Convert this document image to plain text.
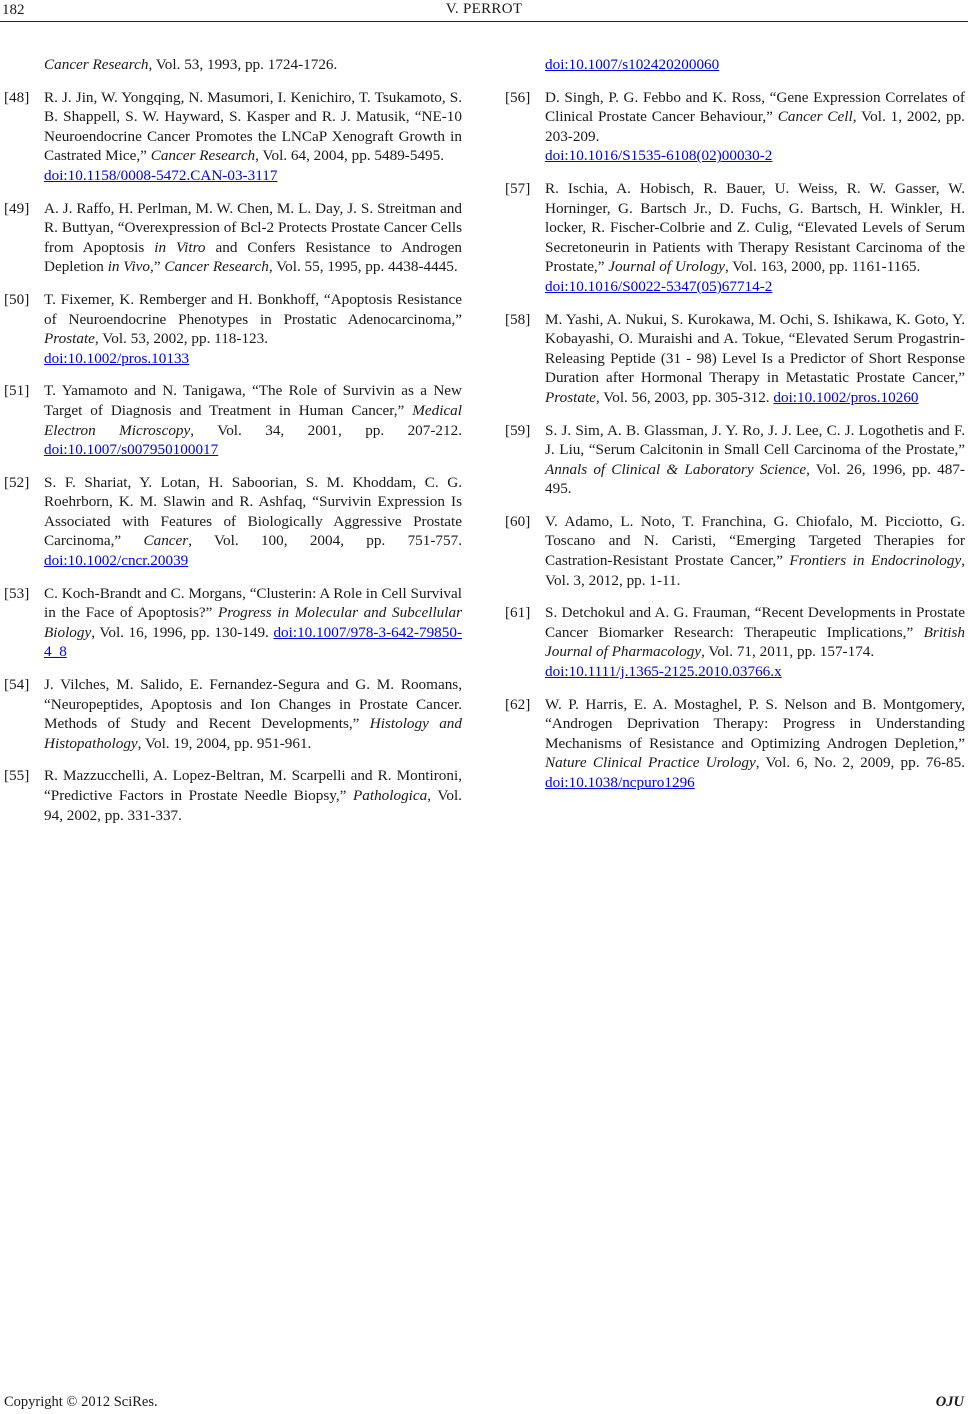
182	V. PERROT
Cancer Research, Vol. 53, 1993, pp. 1724-1726.
[48] R. J. Jin, W. Yongqing, N. Masumori, I. Kenichiro, T. Tsukamoto, S. B. Shappell, S. W. Hayward, S. Kasper and R. J. Matusik, “NE-10 Neuroendocrine Cancer Promotes the LNCaP Xenograft Growth in Castrated Mice,” Cancer Research, Vol. 64, 2004, pp. 5489-5495.
doi:10.1158/0008-5472.CAN-03-3117
[49] A. J. Raffo, H. Perlman, M. W. Chen, M. L. Day, J. S. Streitman and R. Buttyan, “Overexpression of Bcl-2 Protects Prostate Cancer Cells from Apoptosis in Vitro and Confers Resistance to Androgen Depletion in Vivo,” Cancer Research, Vol. 55, 1995, pp. 4438-4445.
[50] T. Fixemer, K. Remberger and H. Bonkhoff, “Apoptosis Resistance of Neuroendocrine Phenotypes in Prostatic Adenocarcinoma,” Prostate, Vol. 53, 2002, pp. 118-123.
doi:10.1002/pros.10133
[51] T. Yamamoto and N. Tanigawa, “The Role of Survivin as a New Target of Diagnosis and Treatment in Human Cancer,” Medical Electron Microscopy, Vol. 34, 2001, pp. 207-212. doi:10.1007/s007950100017
[52] S. F. Shariat, Y. Lotan, H. Saboorian, S. M. Khoddam, C. G. Roehrborn, K. M. Slawin and R. Ashfaq, “Survivin Expression Is Associated with Features of Biologically Aggressive Prostate Carcinoma,” Cancer, Vol. 100, 2004, pp. 751-757. doi:10.1002/cncr.20039
[53] C. Koch-Brandt and C. Morgans, “Clusterin: A Role in Cell Survival in the Face of Apoptosis?” Progress in Molecular and Subcellular Biology, Vol. 16, 1996, pp. 130-149. doi:10.1007/978-3-642-79850-4_8
[54] J. Vilches, M. Salido, E. Fernandez-Segura and G. M. Roomans, “Neuropeptides, Apoptosis and Ion Changes in Prostate Cancer. Methods of Study and Recent Developments,” Histology and Histopathology, Vol. 19, 2004, pp. 951-961.
[55] R. Mazzucchelli, A. Lopez-Beltran, M. Scarpelli and R. Montironi, “Predictive Factors in Prostate Needle Biopsy,” Pathologica, Vol. 94, 2002, pp. 331-337.
doi:10.1007/s102420200060
[56] D. Singh, P. G. Febbo and K. Ross, “Gene Expression Correlates of Clinical Prostate Cancer Behaviour,” Cancer Cell, Vol. 1, 2002, pp. 203-209.
doi:10.1016/S1535-6108(02)00030-2
[57] R. Ischia, A. Hobisch, R. Bauer, U. Weiss, R. W. Gasser, W. Horninger, G. Bartsch Jr., D. Fuchs, G. Bartsch, H. Winkler, H. locker, R. Fischer-Colbrie and Z. Culig, “Elevated Levels of Serum Secretoneurin in Patients with Therapy Resistant Carcinoma of the Prostate,” Journal of Urology, Vol. 163, 2000, pp. 1161-1165.
doi:10.1016/S0022-5347(05)67714-2
[58] M. Yashi, A. Nukui, S. Kurokawa, M. Ochi, S. Ishikawa, K. Goto, Y. Kobayashi, O. Muraishi and A. Tokue, “Elevated Serum Progastrin-Releasing Peptide (31 - 98) Level Is a Predictor of Short Response Duration after Hormonal Therapy in Metastatic Prostate Cancer,” Prostate, Vol. 56, 2003, pp. 305-312. doi:10.1002/pros.10260
[59] S. J. Sim, A. B. Glassman, J. Y. Ro, J. J. Lee, C. J. Logothetis and F. J. Liu, “Serum Calcitonin in Small Cell Carcinoma of the Prostate,” Annals of Clinical & Laboratory Science, Vol. 26, 1996, pp. 487-495.
[60] V. Adamo, L. Noto, T. Franchina, G. Chiofalo, M. Picciotto, G. Toscano and N. Caristi, “Emerging Targeted Therapies for Castration-Resistant Prostate Cancer,” Frontiers in Endocrinology, Vol. 3, 2012, pp. 1-11.
[61] S. Detchokul and A. G. Frauman, “Recent Developments in Prostate Cancer Biomarker Research: Therapeutic Implications,” British Journal of Pharmacology, Vol. 71, 2011, pp. 157-174.
doi:10.1111/j.1365-2125.2010.03766.x
[62] W. P. Harris, E. A. Mostaghel, P. S. Nelson and B. Montgomery, “Androgen Deprivation Therapy: Progress in Understanding Mechanisms of Resistance and Optimizing Androgen Depletion,” Nature Clinical Practice Urology, Vol. 6, No. 2, 2009, pp. 76-85. doi:10.1038/ncpuro1296
Copyright © 2012 SciRes.	OJU
